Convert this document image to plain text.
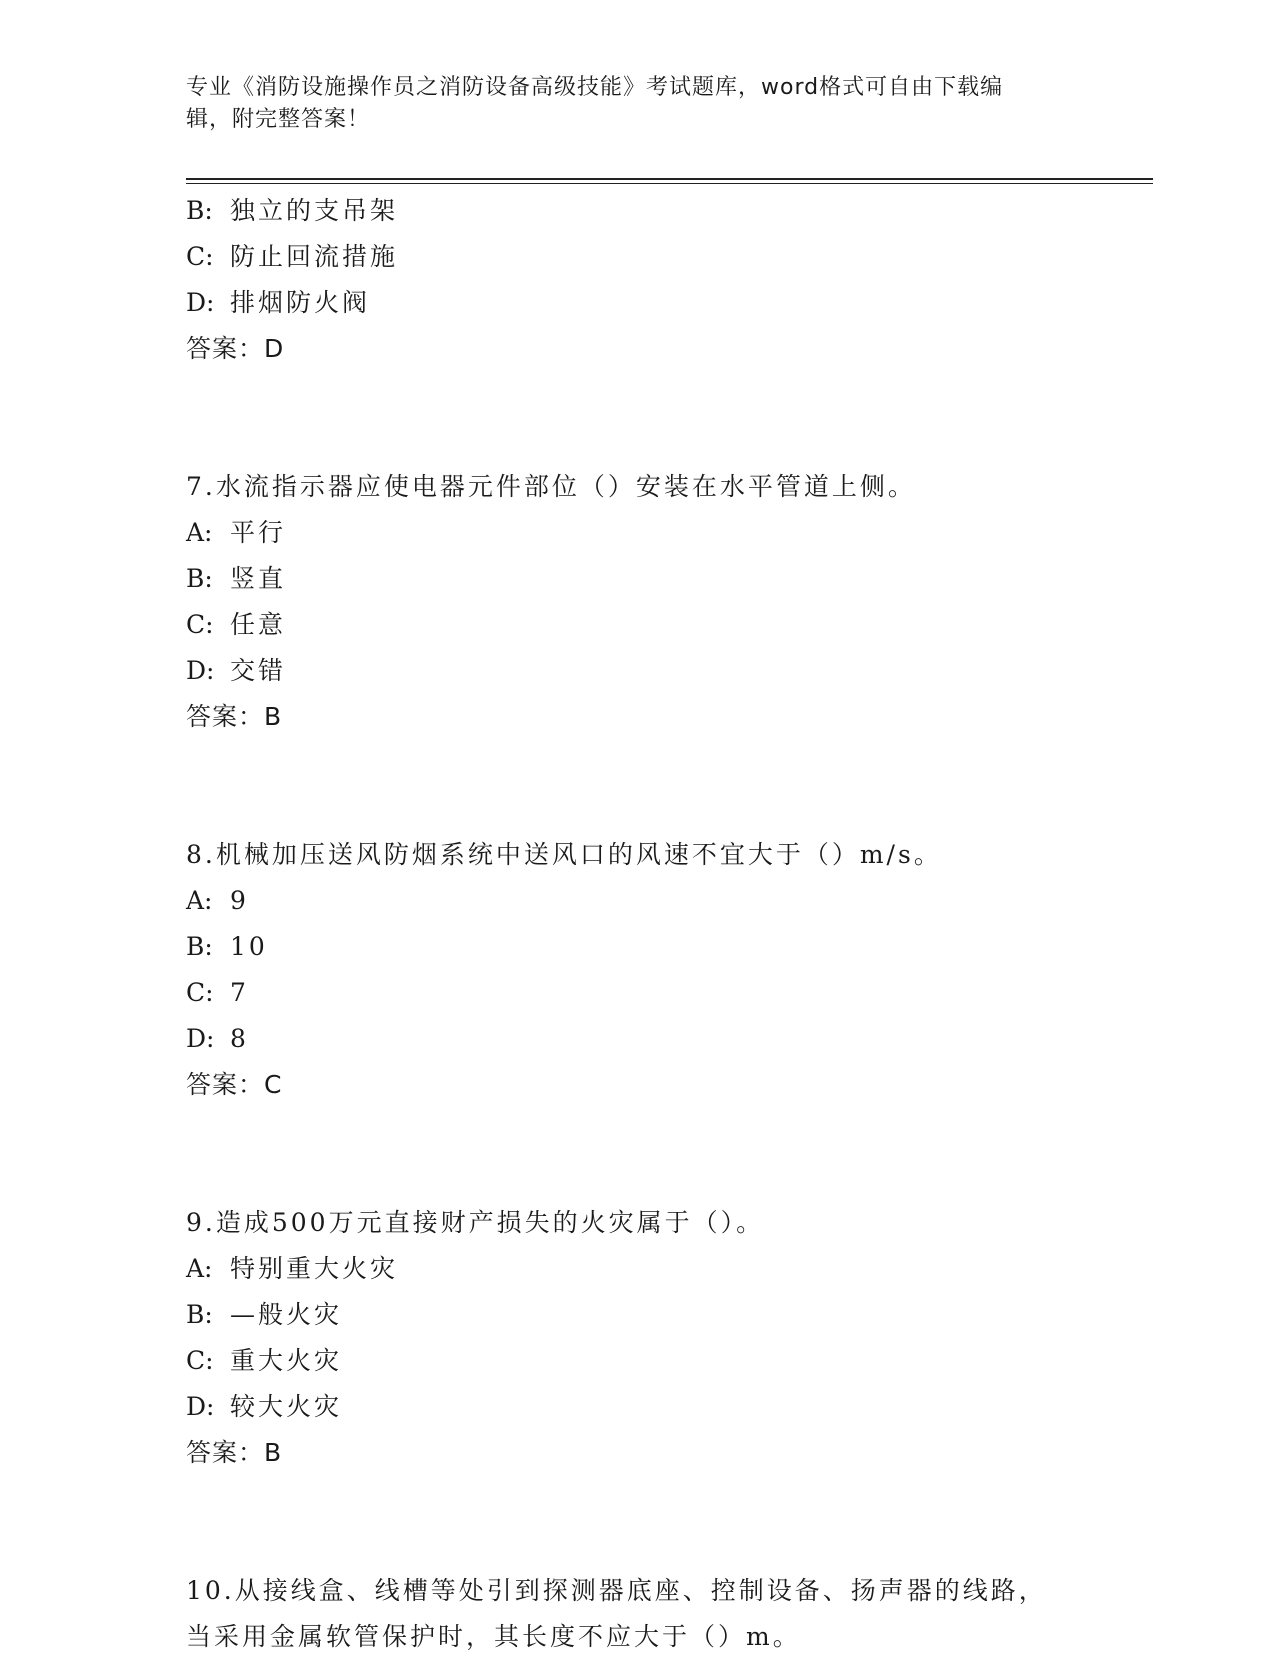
专业《消防设施操作员之消防设备高级技能》考试题库，word格式可自由下载编
辑，附完整答案！
B: 独立的支吊架
C: 防止回流措施
D: 排烟防火阀
答案：D
7.水流指示器应使电器元件部位（）安装在水平管道上侧。
A: 平行
B: 竖直
C: 任意
D: 交错
答案：B
8.机械加压送风防烟系统中送风口的风速不宜大于（）m/s。
A: 9
B: 10
C: 7
D: 8
答案：C
9.造成500万元直接财产损失的火灾属于（）。
A: 特别重大火灾
B: —般火灾
C: 重大火灾
D: 较大火灾
答案：B
10.从接线盒、线槽等处引到探测器底座、控制设备、扬声器的线路，
当采用金属软管保护时，其长度不应大于（）m。
